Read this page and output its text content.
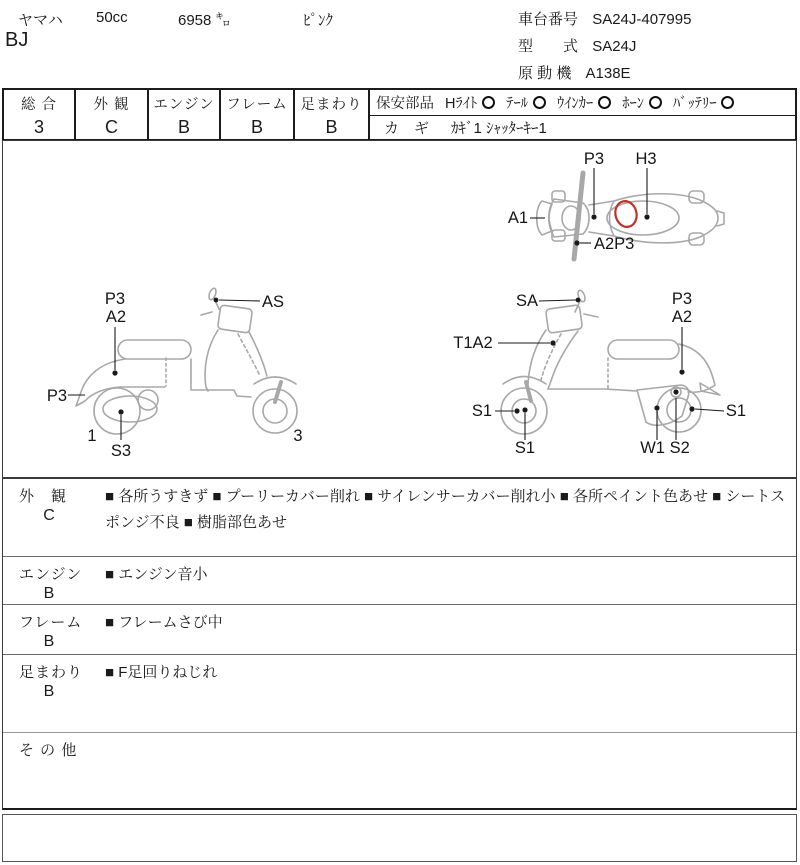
ヤマハ 50cc	6958 ㌔	ﾋﾟﾝｸ
BJ
車台番号 SA24J-407995
型　　式 SA24J
原 動 機 A138E
総 合
3
外 観
C
エンジン
B
フレーム
B
足まわり
B
保安部品 Hﾗｲﾄ ﾃｰﾙ ｳｲﾝｶｰ ﾎｰﾝ ﾊﾞｯﾃﾘｰ
カ　ギ ｶｷﾞ1 ｼｬｯﾀｰｷｰ1
P3 H3
A1
A2P3
P3
A2
AS
P3
1
S3
3
SA	P3
A2
T1A2
S1
S1	W1 S2
S1
外　観
C
■ 各所うすきず ■ プーリーカバー削れ ■ サイレンサーカバー削れ小 ■ 各所ペイント色あせ ■ シートスポンジ不良 ■ 樹脂部色あせ
エンジン
B
■ エンジン音小
フレーム
B
■ フレームさび中
足まわり
B
■ F足回りねじれ
そ の 他
